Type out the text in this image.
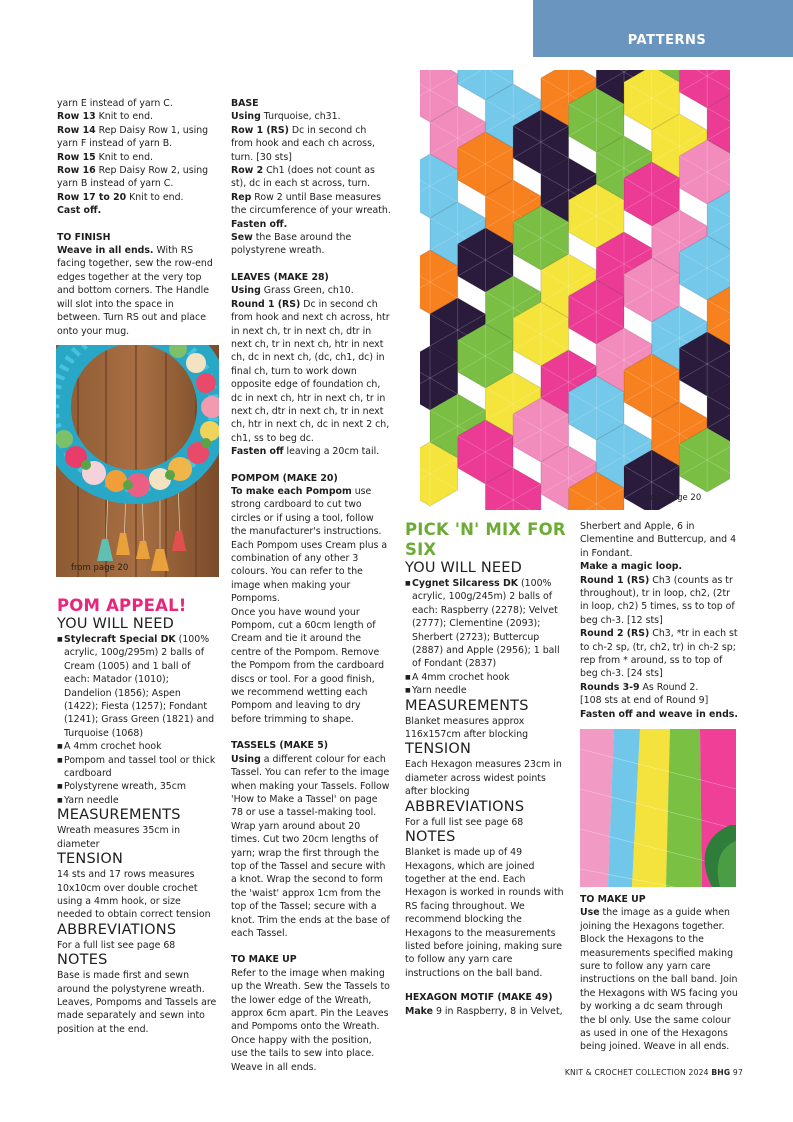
PATTERNS

yarn E instead of yarn C.

Row 13 Knit to end.

Row 14 Rep Daisy Row 1, using

yarn F instead of yarn B.

Row 15 Knit to end.

Row 16 Rep Daisy Row 2, using

yarn B instead of yarn C.

Row 17 to 20 Knit to end.

Cast off.

TO FINISH

Weave in all ends. With RS facing together, sew the row-end edges together at the very top and bottom corners. The Handle will slot into the space in between. Turn RS out and place onto your mug.

from page 20

POM APPEAL!

YOU WILL NEED

■ Stylecraft Special DK (100% acrylic, 100g/295m) 2 balls of Cream (1005) and 1 ball of each: Matador (1010); Dandelion (1856); Aspen (1422); Fiesta (1257); Fondant (1241); Grass Green (1821) and Turquoise (1068)
■ A 4mm crochet hook
■ Pompom and tassel tool or thick cardboard
■ Polystyrene wreath, 35cm
■ Yarn needle

MEASUREMENTS

Wreath measures 35cm in diameter

TENSION

14 sts and 17 rows measures 10x10cm over double crochet using a 4mm hook, or size needed to obtain correct tension

ABBREVIATIONS

For a full list see page 68

NOTES

Base is made first and sewn around the polystyrene wreath. Leaves, Pompoms and Tassels are made separately and sewn into position at the end.

BASE

Using Turquoise, ch31.

Row 1 (RS) Dc in second ch from hook and each ch across, turn. [30 sts]

Row 2 Ch1 (does not count as st), dc in each st across, turn.

Rep Row 2 until Base measures the circumference of your wreath.

Fasten off.

Sew the Base around the polystyrene wreath.

LEAVES (MAKE 28)

Using Grass Green, ch10.

Round 1 (RS) Dc in second ch from hook and next ch across, htr in next ch, tr in next ch, dtr in next ch, tr in next ch, htr in next ch, dc in next ch, (dc, ch1, dc) in final ch, turn to work down opposite edge of foundation ch, dc in next ch, htr in next ch, tr in next ch, dtr in next ch, tr in next ch, htr in next ch, dc in next 2 ch, ch1, ss to beg dc.

Fasten off leaving a 20cm tail.

POMPOM (MAKE 20)

To make each Pompom use strong cardboard to cut two circles or if using a tool, follow the manufacturer's instructions. Each Pompom uses Cream plus a combination of any other 3 colours. You can refer to the image when making your Pompoms.

Once you have wound your Pompom, cut a 60cm length of Cream and tie it around the centre of the Pompom. Remove the Pompom from the cardboard discs or tool. For a good finish, we recommend wetting each Pompom and leaving to dry before trimming to shape.

TASSELS (MAKE 5)

Using a different colour for each Tassel. You can refer to the image when making your Tassels. Follow 'How to Make a Tassel' on page 78 or use a tassel-making tool. Wrap yarn around about 20 times. Cut two 20cm lengths of yarn; wrap the first through the top of the Tassel and secure with a knot. Wrap the second to form the 'waist' approx 1cm from the top of the Tassel; secure with a knot. Trim the ends at the base of each Tassel.

TO MAKE UP

Refer to the image when making up the Wreath. Sew the Tassels to the lower edge of the Wreath, approx 6cm apart. Pin the Leaves and Pompoms onto the Wreath. Once happy with the position, use the tails to sew into place. Weave in all ends.

from page 20

PICK 'N' MIX FOR SIX

YOU WILL NEED

■ Cygnet Silcaress DK (100% acrylic, 100g/245m) 2 balls of each: Raspberry (2278); Velvet (2777); Clementine (2093); Sherbert (2723); Buttercup (2887) and Apple (2956); 1 ball of Fondant (2837)
■ A 4mm crochet hook
■ Yarn needle

MEASUREMENTS

Blanket measures approx 116x157cm after blocking

TENSION

Each Hexagon measures 23cm in diameter across widest points after blocking

ABBREVIATIONS

For a full list see page 68

NOTES

Blanket is made up of 49 Hexagons, which are joined together at the end. Each Hexagon is worked in rounds with RS facing throughout. We recommend blocking the Hexagons to the measurements listed before joining, making sure to follow any yarn care instructions on the ball band.

HEXAGON MOTIF (MAKE 49)

Make 9 in Raspberry, 8 in Velvet,

Sherbert and Apple, 6 in Clementine and Buttercup, and 4 in Fondant.

Make a magic loop.

Round 1 (RS) Ch3 (counts as tr throughout), tr in loop, ch2, (2tr in loop, ch2) 5 times, ss to top of beg ch-3. [12 sts]

Round 2 (RS) Ch3, *tr in each st to ch-2 sp, (tr, ch2, tr) in ch-2 sp; rep from * around, ss to top of beg ch-3. [24 sts]

Rounds 3-9 As Round 2.

[108 sts at end of Round 9]

Fasten off and weave in ends.

TO MAKE UP

Use the image as a guide when joining the Hexagons together. Block the Hexagons to the measurements specified making sure to follow any yarn care instructions on the ball band. Join the Hexagons with WS facing you by working a dc seam through the bl only. Use the same colour as used in one of the Hexagons being joined. Weave in all ends.

KNIT & CROCHET COLLECTION 2024 BHG 97
